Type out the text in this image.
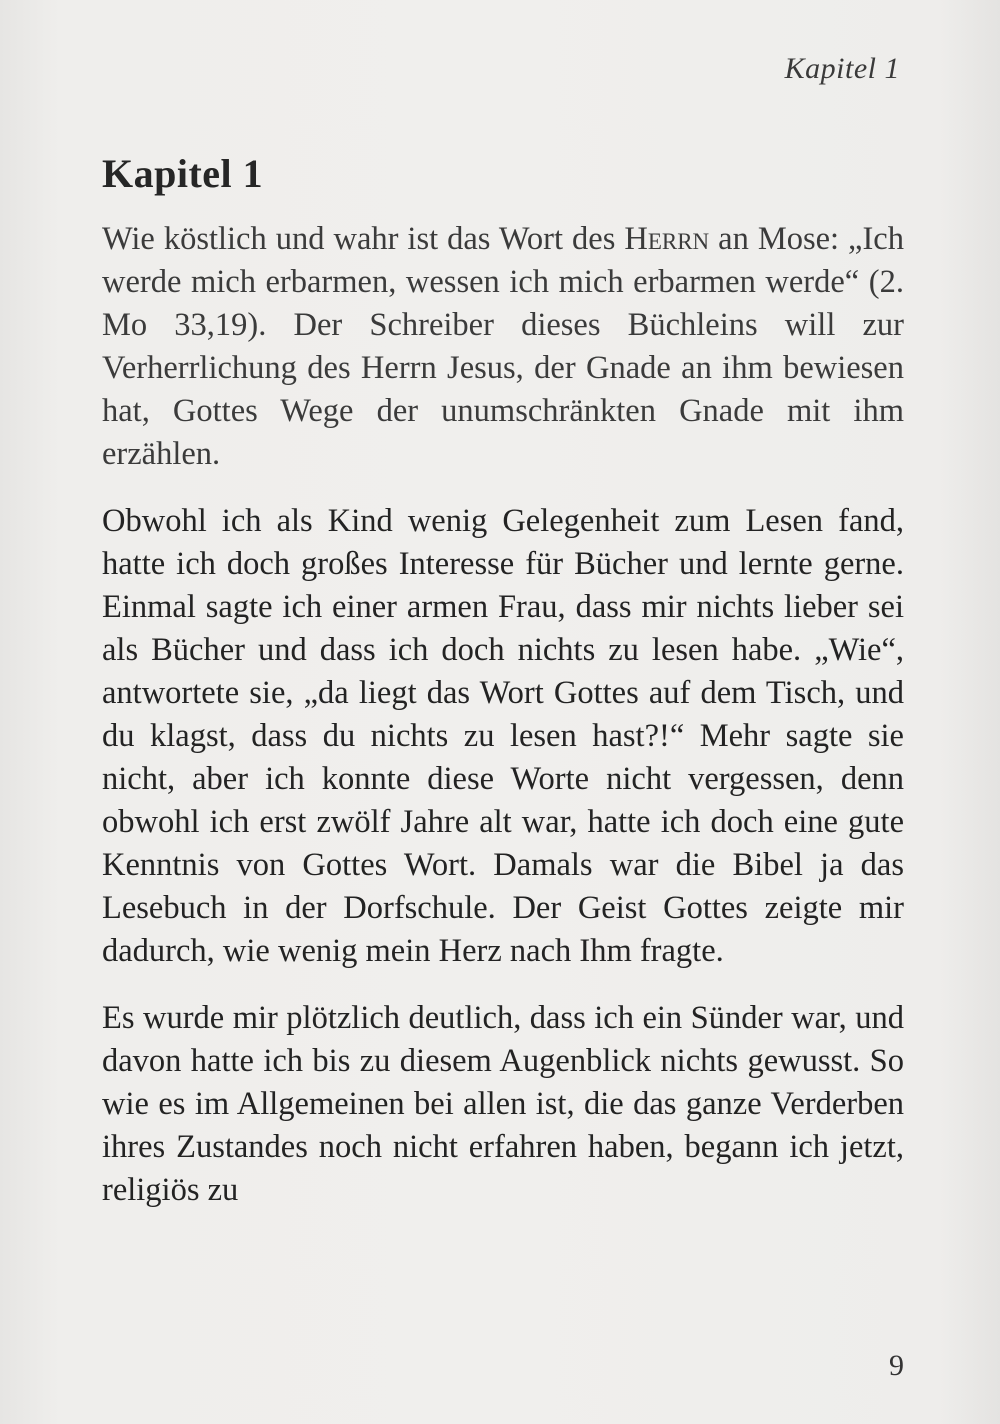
Kapitel 1
Kapitel 1

Wie köstlich und wahr ist das Wort des Herrn an Mose: „Ich werde mich erbarmen, wessen ich mich erbarmen werde“ (2. Mo 33,19). Der Schreiber dieses Büchleins will zur Verherrlichung des Herrn Jesus, der Gnade an ihm bewiesen hat, Gottes Wege der unumschränkten Gnade mit ihm erzählen.

Obwohl ich als Kind wenig Gelegenheit zum Lesen fand, hatte ich doch großes Interesse für Bücher und lernte gerne. Einmal sagte ich einer armen Frau, dass mir nichts lieber sei als Bücher und dass ich doch nichts zu lesen habe. „Wie“, antwortete sie, „da liegt das Wort Gottes auf dem Tisch, und du klagst, dass du nichts zu lesen hast?!“ Mehr sagte sie nicht, aber ich konnte diese Worte nicht vergessen, denn obwohl ich erst zwölf Jahre alt war, hatte ich doch eine gute Kenntnis von Gottes Wort. Damals war die Bibel ja das Lesebuch in der Dorfschule. Der Geist Gottes zeigte mir dadurch, wie wenig mein Herz nach Ihm fragte.

Es wurde mir plötzlich deutlich, dass ich ein Sünder war, und davon hatte ich bis zu diesem Augenblick nichts gewusst. So wie es im Allgemeinen bei allen ist, die das ganze Verderben ihres Zustandes noch nicht erfahren haben, begann ich jetzt, religiös zu

9
